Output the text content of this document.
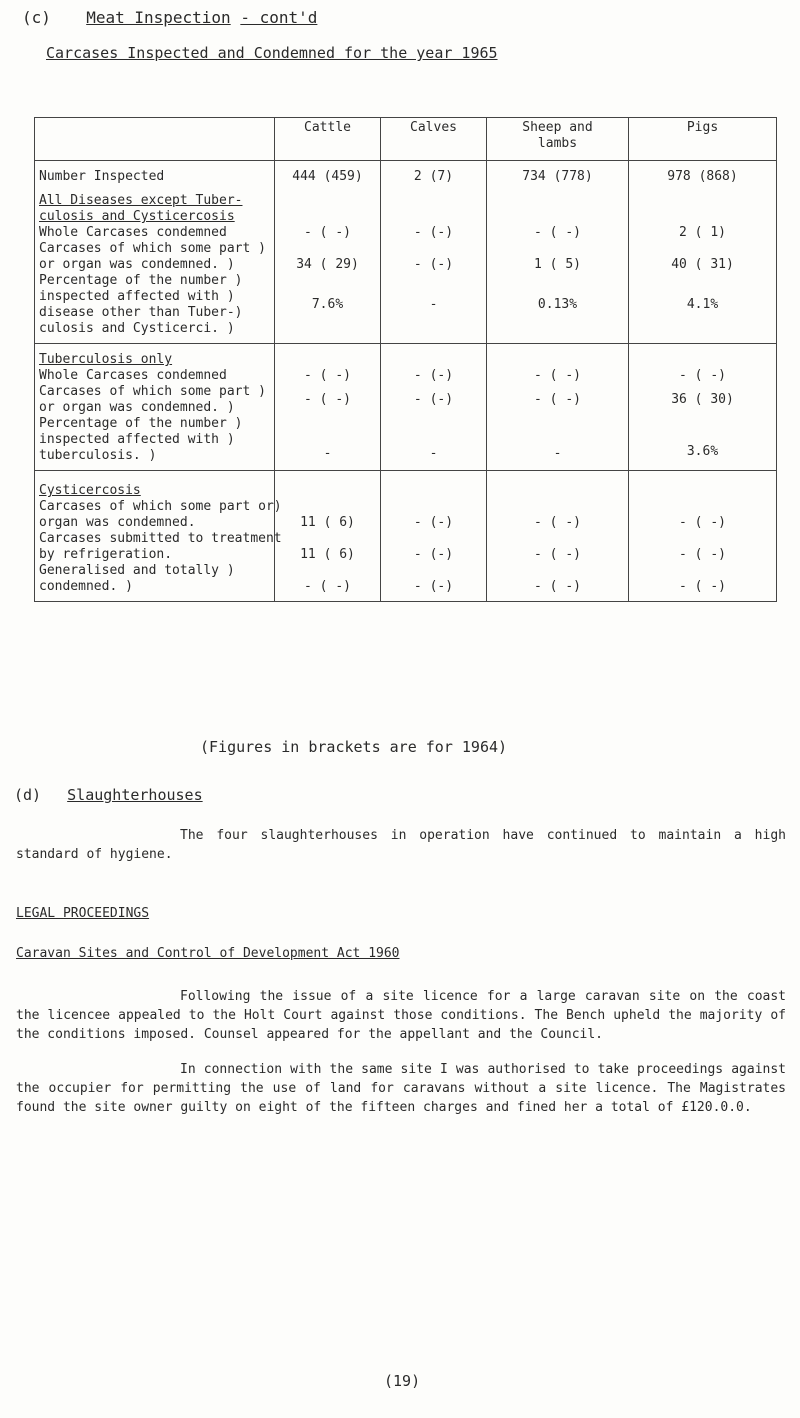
(c) Meat Inspection - cont'd
Carcases Inspected and Condemned for the year 1965
	Cattle	Calves	Sheep and lambs	Pigs

Number Inspected	444 (459)	2 (7)	734 (778)	978 (868)

All Diseases except Tuber-
culosis and Cysticercosis				

Whole Carcases condemned	- ( -)	- (-)	- ( -)	2 ( 1)

Carcases of which some part )
or organ was condemned. )	34 ( 29)	- (-)	1 ( 5)	40 ( 31)

Percentage of the number )
inspected affected with )
disease other than Tuber-)
culosis and Cysticerci. )	7.6%	-	0.13%	4.1%

Tuberculosis only				
Whole Carcases condemned	- ( -)	- (-)	- ( -)	- ( -)

Carcases of which some part )
or organ was condemned. )	- ( -)	- (-)	- ( -)	36 ( 30)

Percentage of the number )
inspected affected with )
tuberculosis. )	-	-	-	3.6%

Cysticercosis				

Carcases of which some part or)
organ was condemned.	11 ( 6)	- (-)	- ( -)	- ( -)

Carcases submitted to treatment
by refrigeration.	11 ( 6)	- (-)	- ( -)	- ( -)

Generalised and totally )
condemned. )	- ( -)	- (-)	- ( -)	- ( -)
(Figures in brackets are for 1964)
(d) Slaughterhouses

The four slaughterhouses in operation have continued to maintain a high standard of hygiene.

LEGAL PROCEEDINGS
Caravan Sites and Control of Development Act 1960

Following the issue of a site licence for a large caravan site on the coast the licencee appealed to the Holt Court against those conditions. The Bench upheld the majority of the conditions imposed. Counsel appeared for the appellant and the Council.

In connection with the same site I was authorised to take proceedings against the occupier for permitting the use of land for caravans without a site licence. The Magistrates found the site owner guilty on eight of the fifteen charges and fined her a total of £120.0.0.

(19)
